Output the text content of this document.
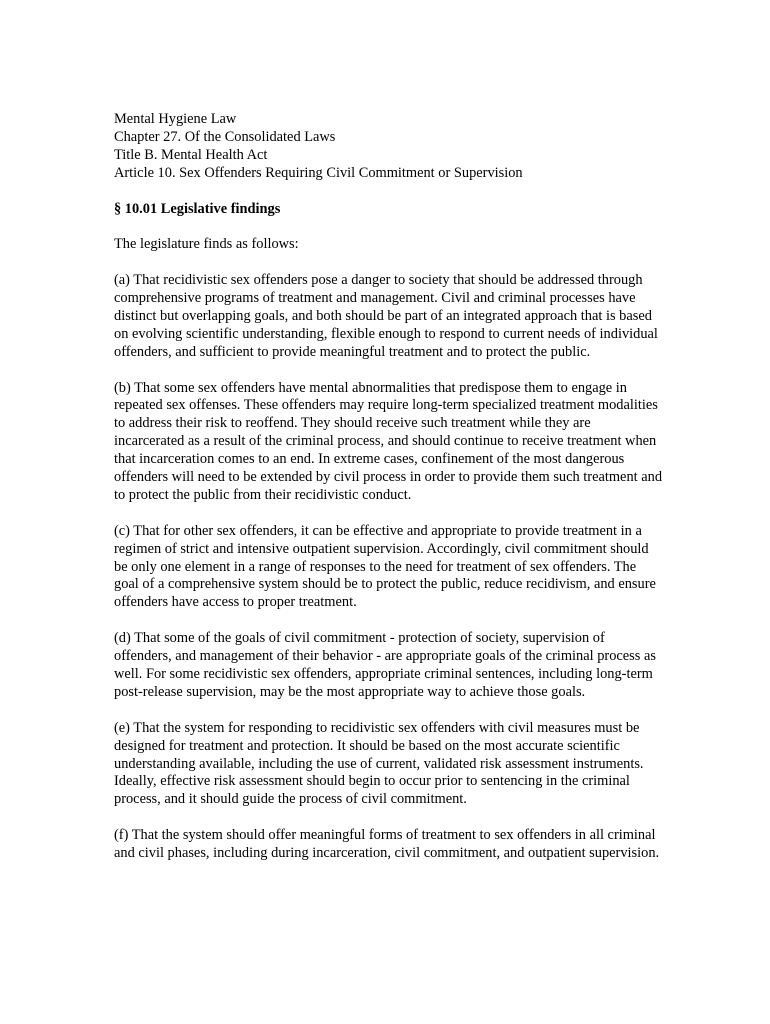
Mental Hygiene Law
Chapter 27. Of the Consolidated Laws
Title B. Mental Health Act
Article 10. Sex Offenders Requiring Civil Commitment or Supervision
§ 10.01 Legislative findings
The legislature finds as follows:
(a) That recidivistic sex offenders pose a danger to society that should be addressed through comprehensive programs of treatment and management. Civil and criminal processes have distinct but overlapping goals, and both should be part of an integrated approach that is based on evolving scientific understanding, flexible enough to respond to current needs of individual offenders, and sufficient to provide meaningful treatment and to protect the public.
(b) That some sex offenders have mental abnormalities that predispose them to engage in repeated sex offenses. These offenders may require long-term specialized treatment modalities to address their risk to reoffend. They should receive such treatment while they are incarcerated as a result of the criminal process, and should continue to receive treatment when that incarceration comes to an end. In extreme cases, confinement of the most dangerous offenders will need to be extended by civil process in order to provide them such treatment and to protect the public from their recidivistic conduct.
(c) That for other sex offenders, it can be effective and appropriate to provide treatment in a regimen of strict and intensive outpatient supervision. Accordingly, civil commitment should be only one element in a range of responses to the need for treatment of sex offenders. The goal of a comprehensive system should be to protect the public, reduce recidivism, and ensure offenders have access to proper treatment.
(d) That some of the goals of civil commitment - protection of society, supervision of offenders, and management of their behavior - are appropriate goals of the criminal process as well. For some recidivistic sex offenders, appropriate criminal sentences, including long-term post-release supervision, may be the most appropriate way to achieve those goals.
(e) That the system for responding to recidivistic sex offenders with civil measures must be designed for treatment and protection. It should be based on the most accurate scientific understanding available, including the use of current, validated risk assessment instruments. Ideally, effective risk assessment should begin to occur prior to sentencing in the criminal process, and it should guide the process of civil commitment.
(f) That the system should offer meaningful forms of treatment to sex offenders in all criminal and civil phases, including during incarceration, civil commitment, and outpatient supervision.
